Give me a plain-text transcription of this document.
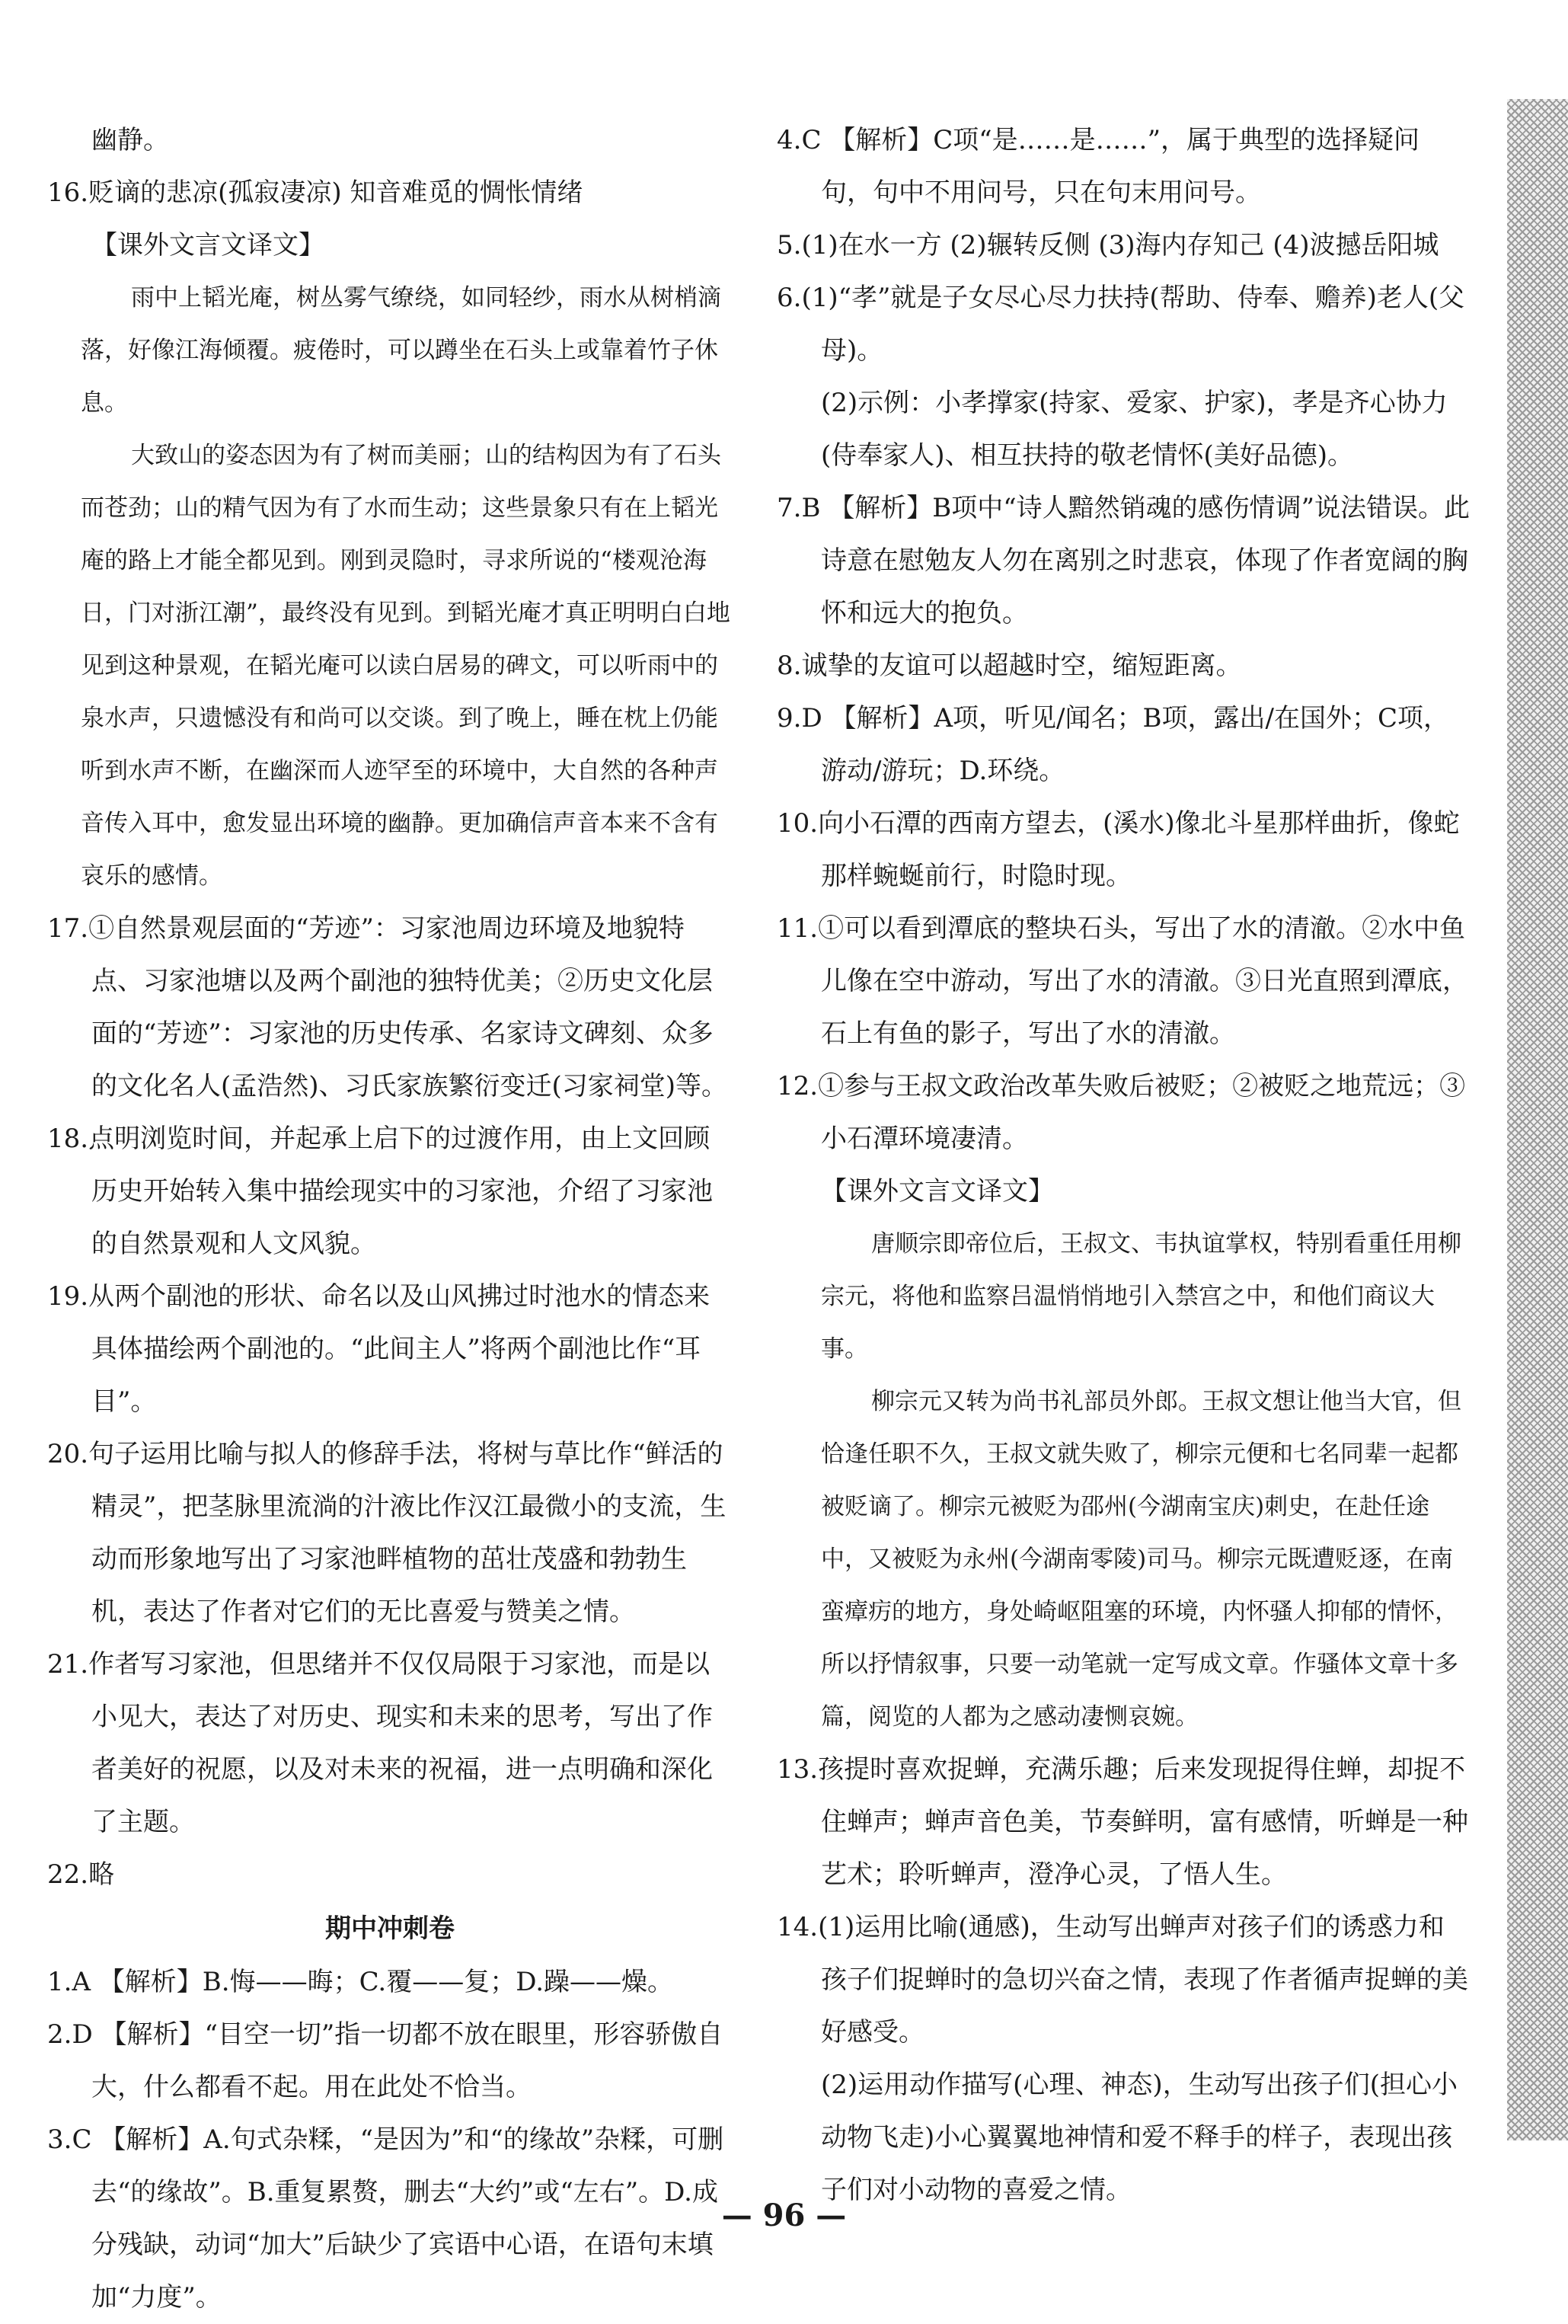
幽静。

16.贬谪的悲凉(孤寂凄凉) 知音难觅的惆怅情绪

【课外文言文译文】

雨中上韬光庵，树丛雾气缭绕，如同轻纱，雨水从树梢滴落，好像江海倾覆。疲倦时，可以蹲坐在石头上或靠着竹子休息。

大致山的姿态因为有了树而美丽；山的结构因为有了石头而苍劲；山的精气因为有了水而生动；这些景象只有在上韬光庵的路上才能全都见到。刚到灵隐时，寻求所说的“楼观沧海日，门对浙江潮”，最终没有见到。到韬光庵才真正明明白白地见到这种景观，在韬光庵可以读白居易的碑文，可以听雨中的泉水声，只遗憾没有和尚可以交谈。到了晚上，睡在枕上仍能听到水声不断，在幽深而人迹罕至的环境中，大自然的各种声音传入耳中，愈发显出环境的幽静。更加确信声音本来不含有哀乐的感情。

17.①自然景观层面的“芳迹”：习家池周边环境及地貌特点、习家池塘以及两个副池的独特优美；②历史文化层面的“芳迹”：习家池的历史传承、名家诗文碑刻、众多的文化名人(孟浩然)、习氏家族繁衍变迁(习家祠堂)等。

18.点明浏览时间，并起承上启下的过渡作用，由上文回顾历史开始转入集中描绘现实中的习家池，介绍了习家池的自然景观和人文风貌。

19.从两个副池的形状、命名以及山风拂过时池水的情态来具体描绘两个副池的。“此间主人”将两个副池比作“耳目”。

20.句子运用比喻与拟人的修辞手法，将树与草比作“鲜活的精灵”，把茎脉里流淌的汁液比作汉江最微小的支流，生动而形象地写出了习家池畔植物的茁壮茂盛和勃勃生机，表达了作者对它们的无比喜爱与赞美之情。

21.作者写习家池，但思绪并不仅仅局限于习家池，而是以小见大，表达了对历史、现实和未来的思考，写出了作者美好的祝愿，以及对未来的祝福，进一点明确和深化了主题。

22.略

期中冲刺卷

1.A 【解析】B.悔——晦；C.覆——复；D.躁——燥。

2.D 【解析】“目空一切”指一切都不放在眼里，形容骄傲自大，什么都看不起。用在此处不恰当。

3.C 【解析】A.句式杂糅，“是因为”和“的缘故”杂糅，可删去“的缘故”。B.重复累赘，删去“大约”或“左右”。D.成分残缺，动词“加大”后缺少了宾语中心语，在语句末填加“力度”。

4.C 【解析】C项“是……是……”，属于典型的选择疑问句，句中不用问号，只在句末用问号。

5.(1)在水一方 (2)辗转反侧 (3)海内存知己 (4)波撼岳阳城

6.(1)“孝”就是子女尽心尽力扶持(帮助、侍奉、赡养)老人(父母)。

(2)示例：小孝撑家(持家、爱家、护家)，孝是齐心协力(侍奉家人)、相互扶持的敬老情怀(美好品德)。

7.B 【解析】B项中“诗人黯然销魂的感伤情调”说法错误。此诗意在慰勉友人勿在离别之时悲哀，体现了作者宽阔的胸怀和远大的抱负。

8.诚挚的友谊可以超越时空，缩短距离。

9.D 【解析】A项，听见/闻名；B项，露出/在国外；C项，游动/游玩；D.环绕。

10.向小石潭的西南方望去，(溪水)像北斗星那样曲折，像蛇那样蜿蜒前行，时隐时现。

11.①可以看到潭底的整块石头，写出了水的清澈。②水中鱼儿像在空中游动，写出了水的清澈。③日光直照到潭底，石上有鱼的影子，写出了水的清澈。

12.①参与王叔文政治改革失败后被贬；②被贬之地荒远；③小石潭环境凄清。

【课外文言文译文】

唐顺宗即帝位后，王叔文、韦执谊掌权，特别看重任用柳宗元，将他和监察吕温悄悄地引入禁宫之中，和他们商议大事。

柳宗元又转为尚书礼部员外郎。王叔文想让他当大官，但恰逢任职不久，王叔文就失败了，柳宗元便和七名同辈一起都被贬谪了。柳宗元被贬为邵州(今湖南宝庆)刺史，在赴任途中，又被贬为永州(今湖南零陵)司马。柳宗元既遭贬逐，在南蛮瘴疠的地方，身处崎岖阻塞的环境，内怀骚人抑郁的情怀，所以抒情叙事，只要一动笔就一定写成文章。作骚体文章十多篇，阅览的人都为之感动凄恻哀婉。

13.孩提时喜欢捉蝉，充满乐趣；后来发现捉得住蝉，却捉不住蝉声；蝉声音色美，节奏鲜明，富有感情，听蝉是一种艺术；聆听蝉声，澄净心灵，了悟人生。

14.(1)运用比喻(通感)，生动写出蝉声对孩子们的诱惑力和孩子们捉蝉时的急切兴奋之情，表现了作者循声捉蝉的美好感受。

(2)运用动作描写(心理、神态)，生动写出孩子们(担心小动物飞走)小心翼翼地神情和爱不释手的样子，表现出孩子们对小动物的喜爱之情。

— 96 —
